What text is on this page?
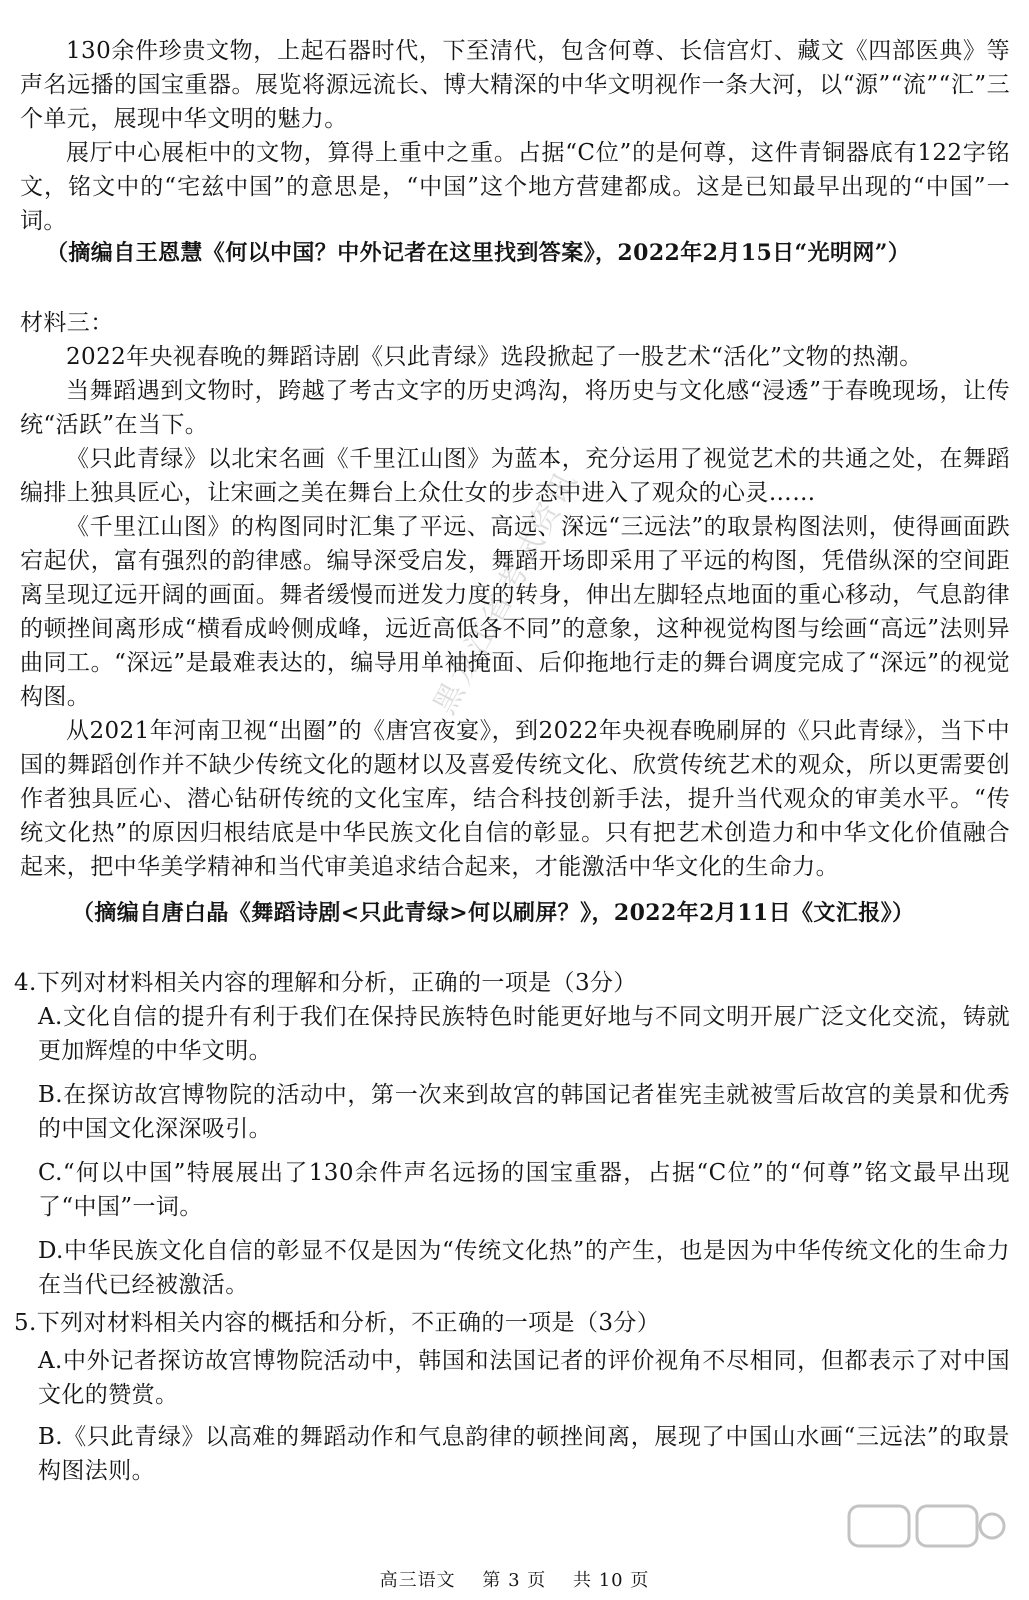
130余件珍贵文物，上起石器时代，下至清代，包含何尊、长信宫灯、藏文《四部医典》等声名远播的国宝重器。展览将源远流长、博大精深的中华文明视作一条大河，以“源”“流”“汇”三个单元，展现中华文明的魅力。

展厅中心展柜中的文物，算得上重中之重。占据“C位”的是何尊，这件青铜器底有122字铭文，铭文中的“宅兹中国”的意思是，“中国”这个地方营建都成。这是已知最早出现的“中国”一词。

（摘编自王恩慧《何以中国？中外记者在这里找到答案》，2022年2月15日“光明网”）

材料三：

2022年央视春晚的舞蹈诗剧《只此青绿》选段掀起了一股艺术“活化”文物的热潮。

当舞蹈遇到文物时，跨越了考古文字的历史鸿沟，将历史与文化感“浸透”于春晚现场，让传统“活跃”在当下。

《只此青绿》以北宋名画《千里江山图》为蓝本，充分运用了视觉艺术的共通之处，在舞蹈编排上独具匠心，让宋画之美在舞台上众仕女的步态中进入了观众的心灵……

《千里江山图》的构图同时汇集了平远、高远、深远“三远法”的取景构图法则，使得画面跌宕起伏，富有强烈的韵律感。编导深受启发，舞蹈开场即采用了平远的构图，凭借纵深的空间距离呈现辽远开阔的画面。舞者缓慢而迸发力度的转身，伸出左脚轻点地面的重心移动，气息韵律的顿挫间离形成“横看成岭侧成峰，远近高低各不同”的意象，这种视觉构图与绘画“高远”法则异曲同工。“深远”是最难表达的，编导用单袖掩面、后仰拖地行走的舞台调度完成了“深远”的视觉构图。

从2021年河南卫视“出圈”的《唐宫夜宴》，到2022年央视春晚刷屏的《只此青绿》，当下中国的舞蹈创作并不缺少传统文化的题材以及喜爱传统文化、欣赏传统艺术的观众，所以更需要创作者独具匠心、潜心钻研传统的文化宝库，结合科技创新手法，提升当代观众的审美水平。“传统文化热”的原因归根结底是中华民族文化自信的彰显。只有把艺术创造力和中华文化价值融合起来，把中华美学精神和当代审美追求结合起来，才能激活中华文化的生命力。

（摘编自唐白晶《舞蹈诗剧<只此青绿>何以刷屏？》，2022年2月11日《文汇报》）

4.下列对材料相关内容的理解和分析，正确的一项是（3分）

A.文化自信的提升有利于我们在保持民族特色时能更好地与不同文明开展广泛文化交流，铸就更加辉煌的中华文明。

B.在探访故宫博物院的活动中，第一次来到故宫的韩国记者崔宪圭就被雪后故宫的美景和优秀的中国文化深深吸引。

C.“何以中国”特展展出了130余件声名远扬的国宝重器，占据“C位”的“何尊”铭文最早出现了“中国”一词。

D.中华民族文化自信的彰显不仅是因为“传统文化热”的产生，也是因为中华传统文化的生命力在当代已经被激活。

5.下列对材料相关内容的概括和分析，不正确的一项是（3分）

A.中外记者探访故宫博物院活动中，韩国和法国记者的评价视角不尽相同，但都表示了对中国文化的赞赏。

B.《只此青绿》以高难的舞蹈动作和气息韵律的顿挫间离，展现了中国山水画“三远法”的取景构图法则。

黑龙江省考试资讯
高三语文 第 3 页 共 10 页
